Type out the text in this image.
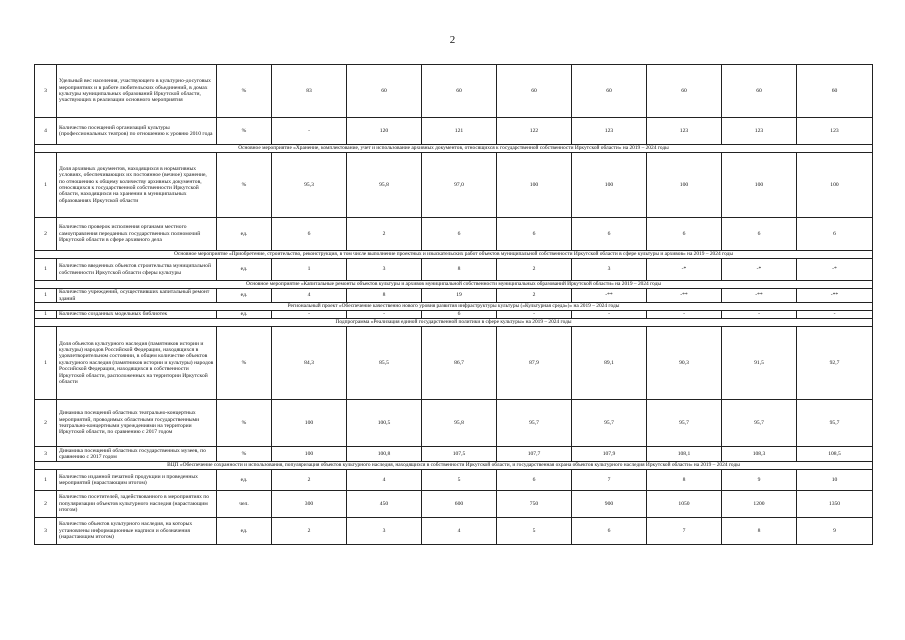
2
3	Удельный вес населения, участвующего в культурно-досуговых мероприятиях и в работе любительских объединений, в домах культуры муниципальных образований Иркутской области, участвующих в реализации основного мероприятия	%	83	60	60	60	60	60	60	60
4	Количество посещений организаций культуры (профессиональных театров) по отношению к уровню 2010 года	%	-	120	121	122	123	123	123	123
Основное мероприятие «Хранение, комплектование, учет и использование архивных документов, относящихся к государственной собственности Иркутской области» на 2019 – 2024 годы										
1	Доля архивных документов, находящихся в нормативных условиях, обеспечивающих их постоянное (вечное) хранение, по отношению к общему количеству архивных документов, относящихся к государственной собственности Иркутской области, находящихся на хранении в муниципальных образованиях Иркутской области	%	95,3	95,8	97,0	100	100	100	100	100
2	Количество проверок исполнения органами местного самоуправления переданных государственных полномочий Иркутской области в сфере архивного дела	ед.	6	2	6	6	6	6	6	6
Основное мероприятие «Приобретение, строительство, реконструкция, в том числе выполнение проектных и изыскательских работ объектов муниципальной собственности Иркутской области в сфере культуры и архивов» на 2019 – 2024 годы										
1	Количество введенных объектов строительства муниципальной собственности Иркутской области сферы культуры	ед.	1	3	8	2	3	-*	-*	-*
Основное мероприятие «Капитальные ремонты объектов культуры и архивов муниципальной собственности муниципальных образований Иркутской области» на 2019 – 2024 годы										
1	Количество учреждений, осуществивших капитальный ремонт зданий	ед.	4	8	19	2	-**	-**	-**	-**
Региональный проект «Обеспечение качественно нового уровня развития инфраструктуры культуры («Культурная среда»)» на 2019 – 2024 годы										
1	Количество созданных модельных библиотек	ед.	-	-	6	-	-	-	-	-
Подпрограмма «Реализация единой государственной политики в сфере культуры» на 2019 – 2024 годы										
1	Доля объектов культурного наследия (памятников истории и культуры) народов Российской Федерации, находящихся в удовлетворительном состоянии, в общем количестве объектов культурного наследия (памятников истории и культуры) народов Российской Федерации, находящихся в собственности Иркутской области, расположенных на территории Иркутской области	%	84,3	85,5	86,7	87,9	89,1	90,3	91,5	92,7
2	Динамика посещений областных театрально-концертных мероприятий, проводимых областными государственными театрально-концертными учреждениями на территории Иркутской области, по сравнению с 2017 годом	%	100	100,5	95,8	95,7	95,7	95,7	95,7	95,7
3	Динамика посещений областных государственных музеев, по сравнению с 2017 годом	%	100	100,8	107,5	107,7	107,9	108,1	108,3	108,5
ВЦП «Обеспечение сохранности и использования, популяризация объектов культурного наследия, находящихся в собственности Иркутской области, и государственная охрана объектов культурного наследия Иркутской области» на 2019 – 2024 годы										
1	Количество изданной печатной продукции и проведенных мероприятий (нарастающим итогом)	ед.	2	4	5	6	7	8	9	10
2	Количество посетителей, задействованного в мероприятиях по популяризации объектов культурного наследия (нарастающим итогом)	чел.	300	450	600	750	900	1050	1200	1350
3	Количество объектов культурного наследия, на которых установлены информационные надписи и обозначения (нарастающим итогом)	ед.	2	3	4	5	6	7	8	9
